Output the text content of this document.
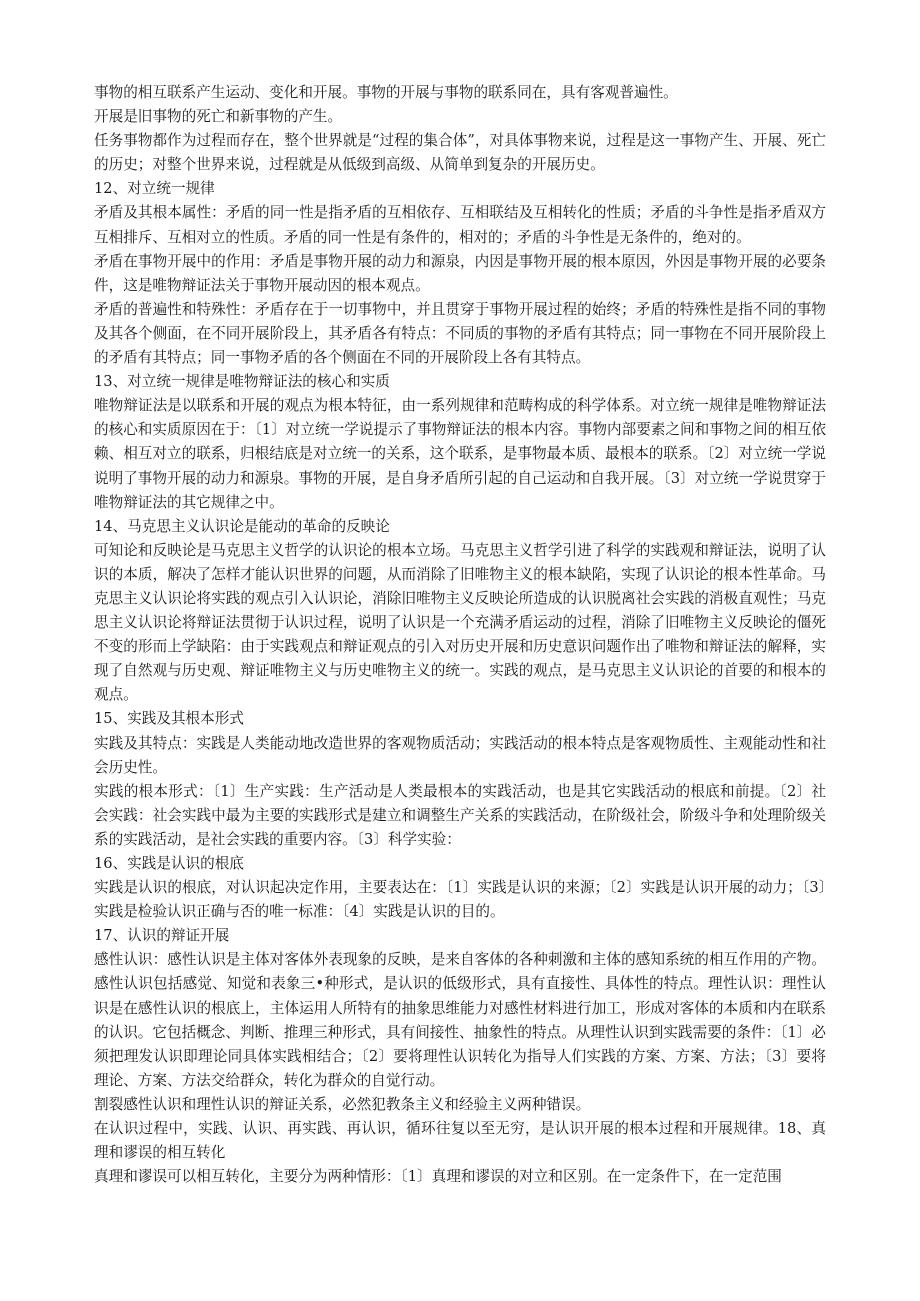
事物的相互联系产生运动、变化和开展。事物的开展与事物的联系同在，具有客观普遍性。

开展是旧事物的死亡和新事物的产生。

任务事物都作为过程而存在，整个世界就是“过程的集合体”，对具体事物来说，过程是这一事物产生、开展、死亡的历史；对整个世界来说，过程就是从低级到高级、从简单到复杂的开展历史。

12、对立统一规律

矛盾及其根本属性：矛盾的同一性是指矛盾的互相依存、互相联结及互相转化的性质；矛盾的斗争性是指矛盾双方互相排斥、互相对立的性质。矛盾的同一性是有条件的，相对的；矛盾的斗争性是无条件的，绝对的。

矛盾在事物开展中的作用：矛盾是事物开展的动力和源泉，内因是事物开展的根本原因，外因是事物开展的必要条件，这是唯物辩证法关于事物开展动因的根本观点。

矛盾的普遍性和特殊性：矛盾存在于一切事物中，并且贯穿于事物开展过程的始终；矛盾的特殊性是指不同的事物及其各个侧面，在不同开展阶段上，其矛盾各有特点：不同质的事物的矛盾有其特点；同一事物在不同开展阶段上的矛盾有其特点；同一事物矛盾的各个侧面在不同的开展阶段上各有其特点。

13、对立统一规律是唯物辩证法的核心和实质

唯物辩证法是以联系和开展的观点为根本特征，由一系列规律和范畴构成的科学体系。对立统一规律是唯物辩证法的核心和实质原因在于：〔1〕对立统一学说提示了事物辩证法的根本内容。事物内部要素之间和事物之间的相互依赖、相互对立的联系，归根结底是对立统一的关系，这个联系，是事物最本质、最根本的联系。〔2〕对立统一学说说明了事物开展的动力和源泉。事物的开展，是自身矛盾所引起的自己运动和自我开展。〔3〕对立统一学说贯穿于唯物辩证法的其它规律之中。

14、马克思主义认识论是能动的革命的反映论

可知论和反映论是马克思主义哲学的认识论的根本立场。马克思主义哲学引进了科学的实践观和辩证法，说明了认识的本质，解决了怎样才能认识世界的问题，从而消除了旧唯物主义的根本缺陷，实现了认识论的根本性革命。马克思主义认识论将实践的观点引入认识论，消除旧唯物主义反映论所造成的认识脱离社会实践的消极直观性；马克思主义认识论将辩证法贯彻于认识过程，说明了认识是一个充满矛盾运动的过程，消除了旧唯物主义反映论的僵死不变的形而上学缺陷：由于实践观点和辩证观点的引入对历史开展和历史意识问题作出了唯物和辩证法的解释，实现了自然观与历史观、辩证唯物主义与历史唯物主义的统一。实践的观点，是马克思主义认识论的首要的和根本的观点。

15、实践及其根本形式

实践及其特点：实践是人类能动地改造世界的客观物质活动；实践活动的根本特点是客观物质性、主观能动性和社会历史性。

实践的根本形式：〔1〕生产实践：生产活动是人类最根本的实践活动，也是其它实践活动的根底和前提。〔2〕社会实践：社会实践中最为主要的实践形式是建立和调整生产关系的实践活动，在阶级社会，阶级斗争和处理阶级关系的实践活动，是社会实践的重要内容。〔3〕科学实验：

16、实践是认识的根底

实践是认识的根底，对认识起决定作用，主要表达在：〔1〕实践是认识的来源；〔2〕实践是认识开展的动力；〔3〕实践是检验认识正确与否的唯一标准：〔4〕实践是认识的目的。

17、认识的辩证开展

感性认识：感性认识是主体对客体外表现象的反映，是来自客体的各种刺激和主体的感知系统的相互作用的产物。感性认识包括感觉、知觉和表象三•种形式，是认识的低级形式，具有直接性、具体性的特点。理性认识：理性认识是在感性认识的根底上，主体运用人所特有的抽象思维能力对感性材料进行加工，形成对客体的本质和内在联系的认识。它包括概念、判断、推理三种形式，具有间接性、抽象性的特点。从理性认识到实践需要的条件：〔1〕必须把理发认识即理论同具体实践相结合；〔2〕要将理性认识转化为指导人们实践的方案、方案、方法；〔3〕要将理论、方案、方法交给群众，转化为群众的自觉行动。

割裂感性认识和理性认识的辩证关系，必然犯教条主义和经验主义两种错误。

在认识过程中，实践、认识、再实践、再认识，循环往复以至无穷，是认识开展的根本过程和开展规律。18、真理和谬误的相互转化

真理和谬误可以相互转化，主要分为两种情形：〔1〕真理和谬误的对立和区别。在一定条件下，在一定范围
